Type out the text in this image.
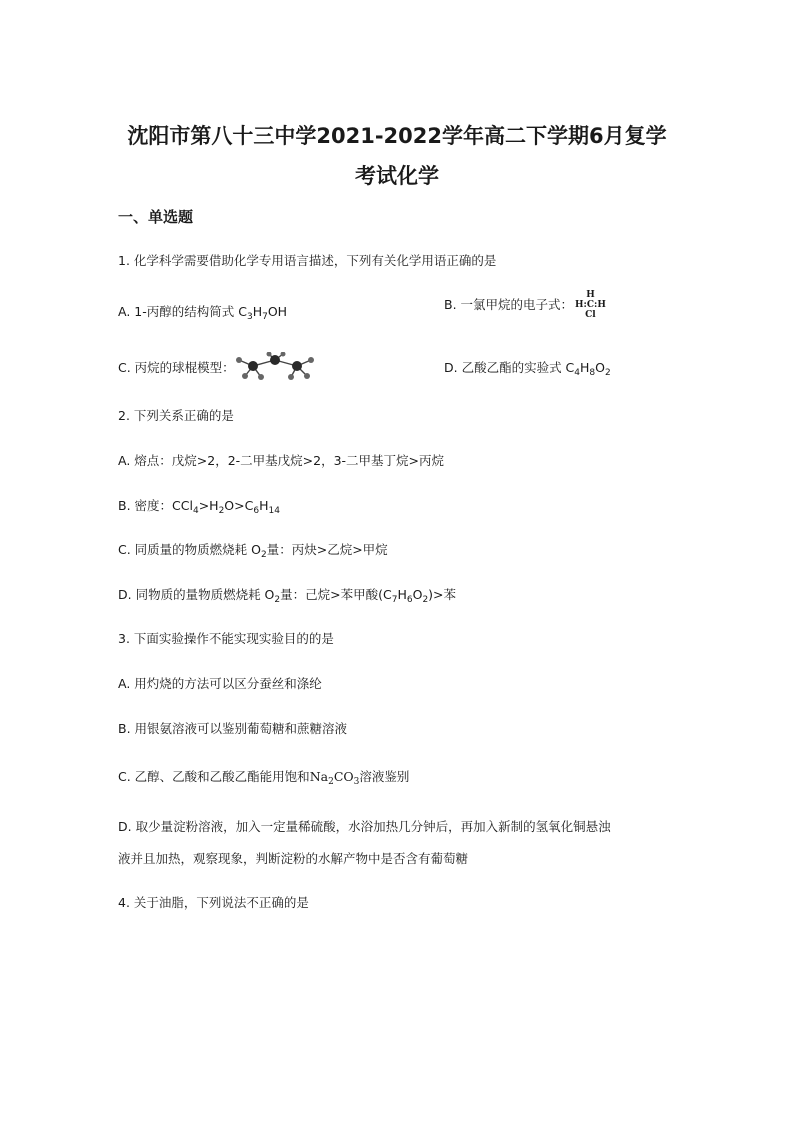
沈阳市第八十三中学2021-2022学年高二下学期6月复学
考试化学
一、单选题
1. 化学科学需要借助化学专用语言描述，下列有关化学用语正确的是
A. 1-丙醇的结构简式 $C_3H_7OH$	B. 一氯甲烷的电子式：
H
H:C:H
Cl
C. 丙烷的球棍模型：	D. 乙酸乙酯的实验式 $C_4H_8O_2$
2. 下列关系正确的是
A. 熔点：戊烷>2，2-二甲基戊烷>2，3-二甲基丁烷>丙烷
B. 密度：$CCl_4>H_2O>C_6H_{14}$
C. 同质量的物质燃烧耗 $O_2$量：丙炔>乙烷>甲烷
D. 同物质的量物质燃烧耗 $O_2$量：己烷>苯甲酸$(C_7H_6O_2)>$苯
3. 下面实验操作不能实现实验目的的是
A. 用灼烧的方法可以区分蚕丝和涤纶
B. 用银氨溶液可以鉴别葡萄糖和蔗糖溶液
C. 乙醇、乙酸和乙酸乙酯能用饱和$Na_2CO_3$溶液鉴别
D. 取少量淀粉溶液，加入一定量稀硫酸，水浴加热几分钟后，再加入新制的氢氧化铜悬浊
液并且加热，观察现象，判断淀粉的水解产物中是否含有葡萄糖
4. 关于油脂，下列说法不正确的是
